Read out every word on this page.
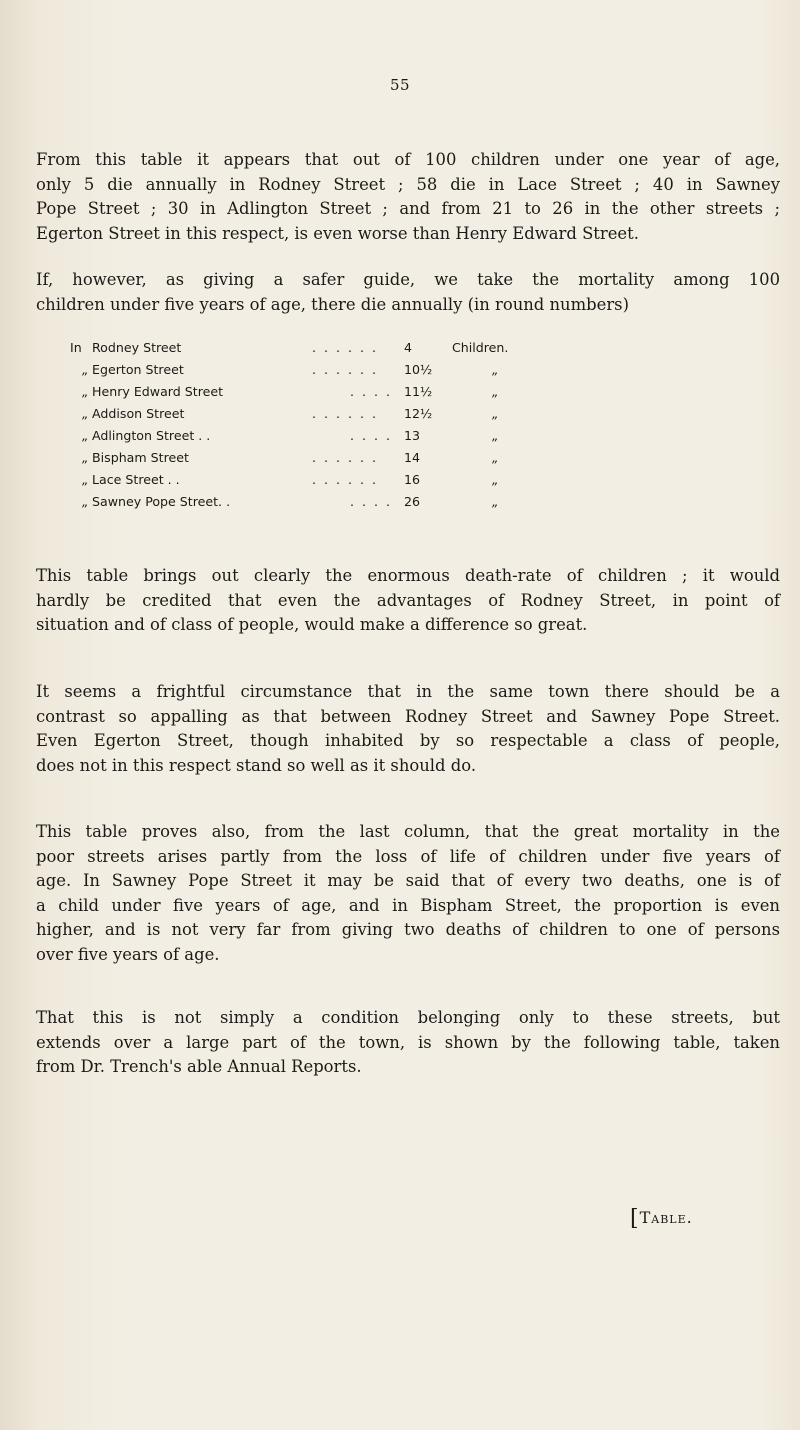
55

From this table it appears that out of 100 children under one year of age,
only 5 die annually in Rodney Street ; 58 die in Lace Street ; 40 in Sawney
Pope Street ; 30 in Adlington Street ; and from 21 to 26 in the other streets ;
Egerton Street in this respect, is even worse than Henry Edward Street.

If, however, as giving a safer guide, we take the mortality among 100
children under five years of age, there die annually (in round numbers)

In Rodney Street	. . . . . . 4	Children.
„ Egerton Street	. . . . . . 10½	„
„ Henry Edward Street	. . . . 11½	„
„ Addison Street	. . . . . . 12½	„
„ Adlington Street . .	. . . . 13	„
„ Bispham Street	. . . . . . 14	„
„ Lace Street . .	. . . . . . 16	„
„ Sawney Pope Street. .	. . . . 26	„

This table brings out clearly the enormous death-rate of children ; it would
hardly be credited that even the advantages of Rodney Street, in point of
situation and of class of people, would make a difference so great.

It seems a frightful circumstance that in the same town there should be a
contrast so appalling as that between Rodney Street and Sawney Pope Street.
Even Egerton Street, though inhabited by so respectable a class of people,
does not in this respect stand so well as it should do.

This table proves also, from the last column, that the great mortality in the
poor streets arises partly from the loss of life of children under five years of
age. In Sawney Pope Street it may be said that of every two deaths, one is of
a child under five years of age, and in Bispham Street, the proportion is even
higher, and is not very far from giving two deaths of children to one of persons
over five years of age.

That this is not simply a condition belonging only to these streets, but
extends over a large part of the town, is shown by the following table, taken
from Dr. Trench's able Annual Reports.

[Table.
